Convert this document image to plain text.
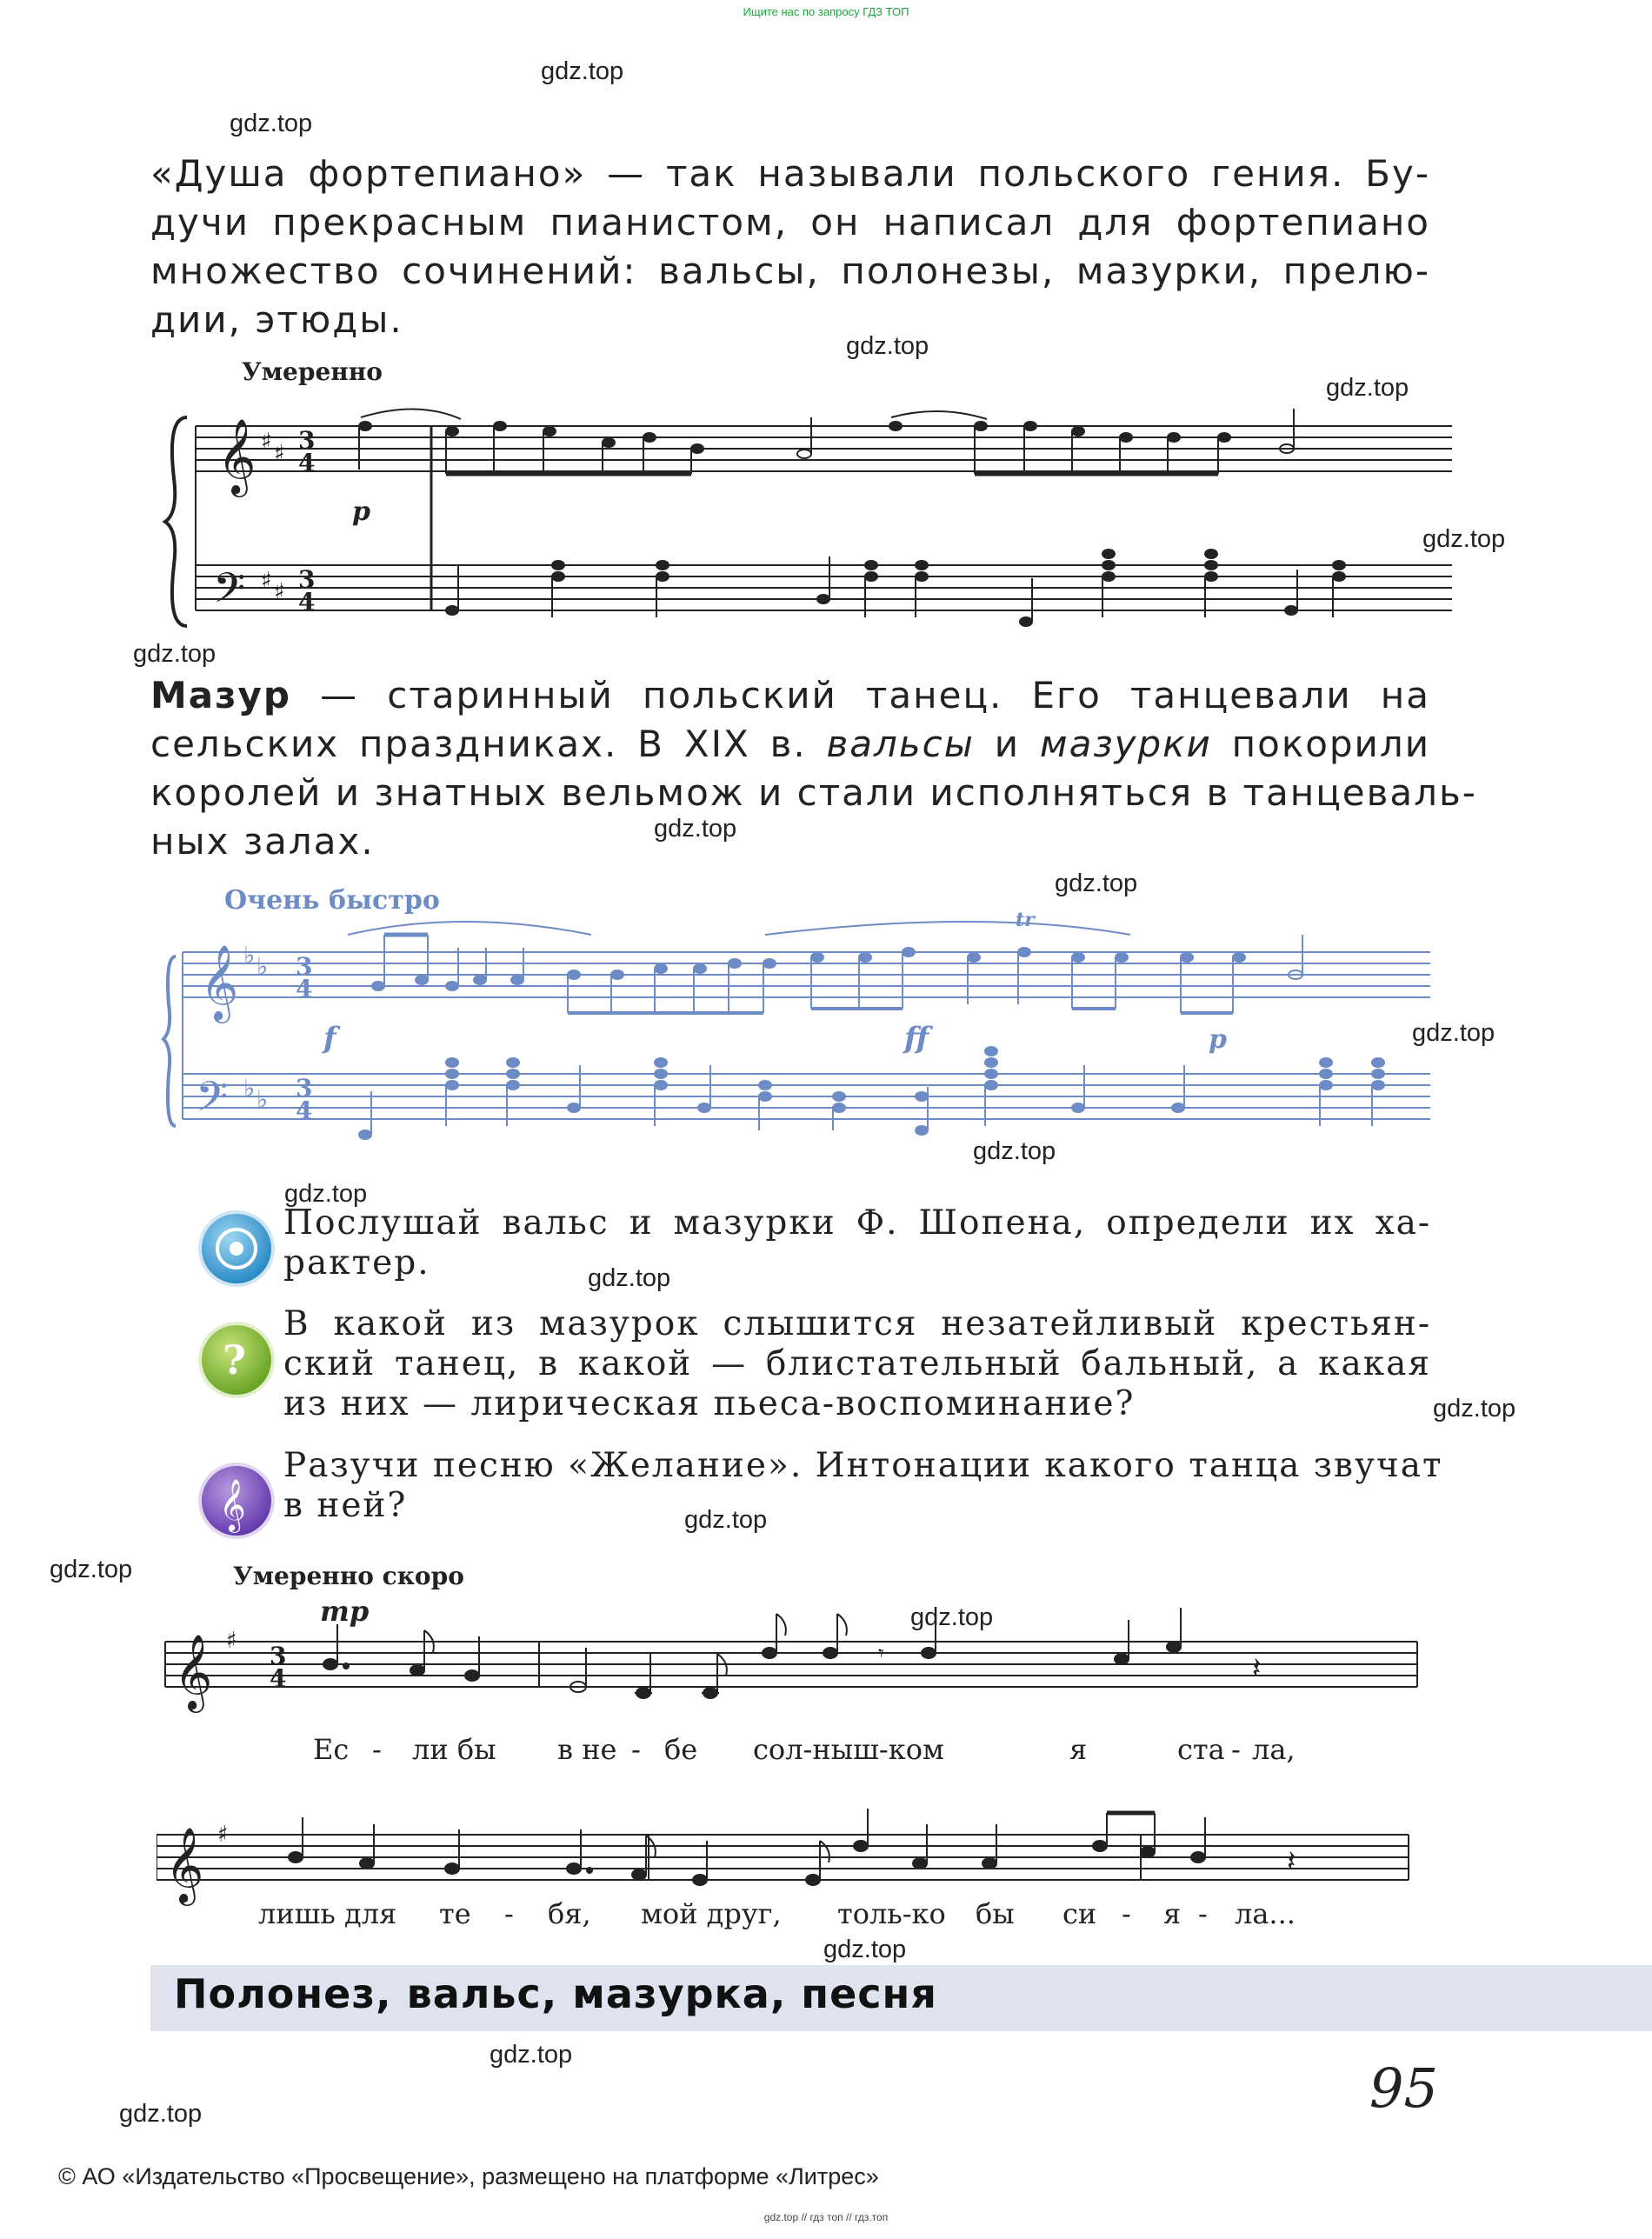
Ищите нас по запросу ГДЗ ТОП
gdz.top
gdz.top
gdz.top
gdz.top
gdz.top
gdz.top
gdz.top
gdz.top
gdz.top
gdz.top
gdz.top
gdz.top
gdz.top
gdz.top
gdz.top
gdz.top
gdz.top
gdz.top
gdz.top
«Душа фортепиано» — так называли польского гения. Бу-
дучи прекрасным пианистом, он написал для фортепиано
множество сочинений: вальсы, полонезы, мазурки, прелю-
дии, этюды.
Умеренно
𝄞
𝄢
♯ ♯
♯ ♯
3
4
3
4
p
Мазур — старинный польский танец. Его танцевали на
сельских праздниках. В XIX в. вальсы и мазурки покорили
королей и знатных вельмож и стали исполняться в танцеваль-
ных залах.
Очень быстро
𝄞
𝄢
♭ ♭
♭ ♭
3
4
3
4
f	ff	p
tr
?
𝄞
Послушай вальс и мазурки Ф. Шопена, определи их ха-
рактер.
В какой из мазурок слышится незатейливый крестьян-
ский танец, в какой — блистательный бальный, а какая
из них — лирическая пьеса-воспоминание?
Разучи песню «Желание». Интонации какого танца звучат
в ней?
Умеренно скоро
𝄞 ♯
3
4
mp
𝄾	𝄽
Ес - ли бы в не - бе сол-ныш-ком	я	ста - ла,
𝄞 ♯
𝄽
лишь для те - бя, мой друг, толь-ко бы си - я - ла...
Полонез, вальс, мазурка, песня
95
© АО «Издательство «Просвещение», размещено на платформе «Литрес»
gdz.top // гдз топ // гдз.топ
